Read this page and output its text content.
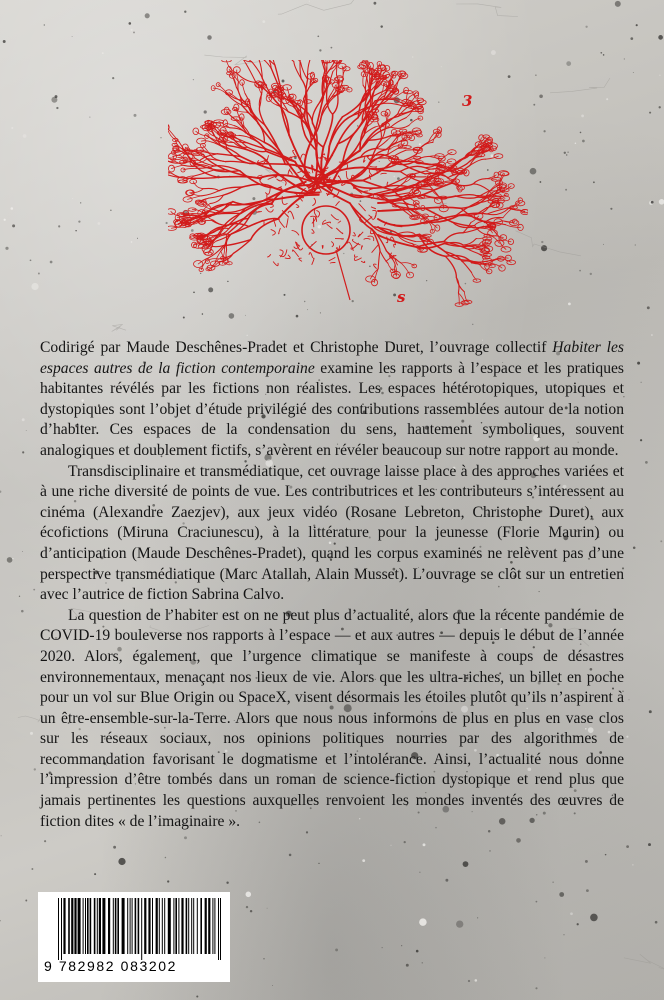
3
s

Codirigé par Maude Deschênes-Pradet et Christophe Duret, l’ouvrage collectif Habiter les espaces autres de la fiction contemporaine examine les rapports à l’espace et les pratiques habitantes révélés par les fictions non réalistes. Les espaces hétérotopiques, utopiques et dystopiques sont l’objet d’étude privilégié des contributions rassemblées autour de la notion d’habiter. Ces espaces de la condensation du sens, hautement symboliques, souvent analogiques et doublement fictifs, s’avèrent en révéler beaucoup sur notre rapport au monde.

Transdisciplinaire et transmédiatique, cet ouvrage laisse place à des approches variées et à une riche diversité de points de vue. Les contributrices et les contributeurs s’intéressent au cinéma (Alexandre Zaezjev), aux jeux vidéo (Rosane Lebreton, Christophe Duret), aux écofictions (Miruna Craciunescu), à la littérature pour la jeunesse (Florie Maurin) ou d’anticipation (Maude Deschênes-Pradet), quand les corpus examinés ne relèvent pas d’une perspective transmédiatique (Marc Atallah, Alain Musset). L’ouvrage se clôt sur un entretien avec l’autrice de fiction Sabrina Calvo.

La question de l’habiter est on ne peut plus d’actualité, alors que la récente pandémie de COVID-19 bouleverse nos rapports à l’espace — et aux autres — depuis le début de l’année 2020. Alors, également, que l’urgence climatique se manifeste à coups de désastres environnementaux, menaçant nos lieux de vie. Alors que les ultra-riches, un billet en poche pour un vol sur Blue Origin ou SpaceX, visent désormais les étoiles plutôt qu’ils n’aspirent à un être-ensemble-sur-la-Terre. Alors que nous nous informons de plus en plus en vase clos sur les réseaux sociaux, nos opinions politiques nourries par des algorithmes de recommandation favorisant le dogmatisme et l’intolérance. Ainsi, l’actualité nous donne l’impression d’être tombés dans un roman de science-fiction dystopique et rend plus que jamais pertinentes les questions auxquelles renvoient les mondes inventés des œuvres de fiction dites « de l’imaginaire ».

9 782982 083202
